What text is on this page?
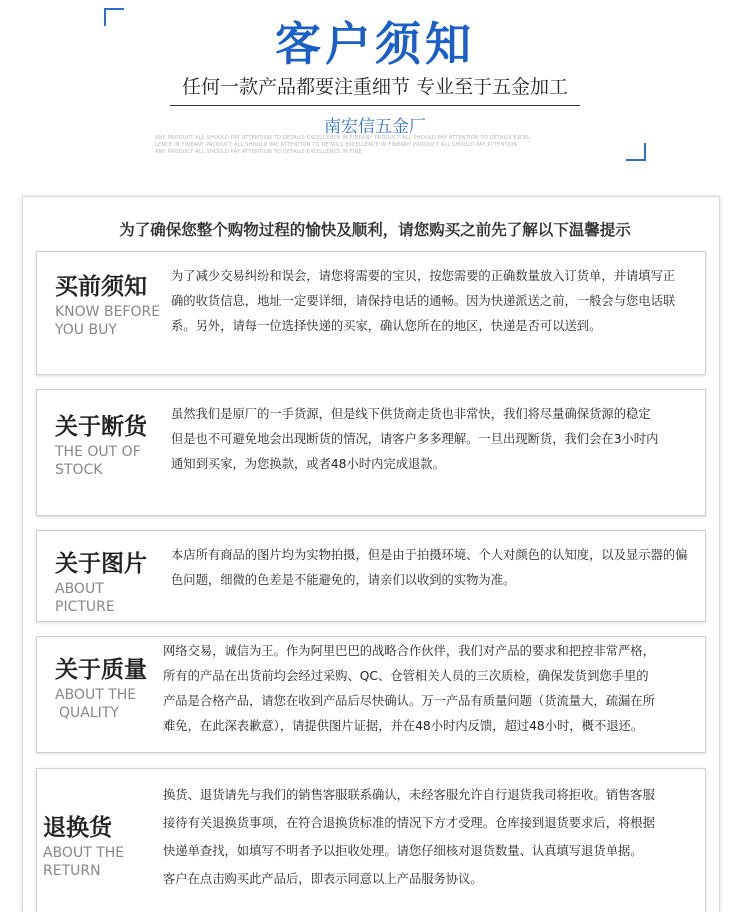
客户须知
任何一款产品都要注重细节 专业至于五金加工
南宏信五金厂
ANY PRODUCT ALL SHOULD PAY ATTENTION TO DETAILS EXCELLENCE IN FINEANY PRODUCT ALL SHOULD PAY ATTENTION TO DETAILS EXCEL
LENCE IN FINEANY PRODUCT ALL SHOULD PAY ATTENTION TO DETAILS EXCELLENCE IN FINEANY PRODUCT ALL SHOULD PAY ATTENTION
ANY PRODUCT ALL SHOULD PAY ATTENTION TO DETAILS EXCELLENCE IN FINE
为了确保您整个购物过程的愉快及顺利，请您购买之前先了解以下温馨提示
买前须知
KNOW BEFORE
YOU BUY
为了减少交易纠纷和误会，请您将需要的宝贝，按您需要的正确数量放入订货单，并请填写正
确的收货信息，地址一定要详细，请保持电话的通畅。因为快递派送之前，一般会与您电话联
系。另外，请每一位选择快递的买家，确认您所在的地区，快递是否可以送到。
关于断货
THE OUT OF
STOCK
虽然我们是原厂的一手货源，但是线下供货商走货也非常快，我们将尽量确保货源的稳定
但是也不可避免地会出现断货的情况，请客户多多理解。一旦出现断货，我们会在3小时内
通知到买家，为您换款，或者48小时内完成退款。
关于图片
ABOUT
PICTURE
本店所有商品的图片均为实物拍摄，但是由于拍摄环境、个人对颜色的认知度，以及显示器的偏
色问题，细微的色差是不能避免的，请亲们以收到的实物为准。
关于质量
ABOUT THE
QUALITY
网络交易，诚信为王。作为阿里巴巴的战略合作伙伴，我们对产品的要求和把控非常严格，
所有的产品在出货前均会经过采购、QC、仓管相关人员的三次质检，确保发货到您手里的
产品是合格产品，请您在收到产品后尽快确认。万一产品有质量问题（货流量大，疏漏在所
难免，在此深表歉意），请提供图片证据，并在48小时内反馈，超过48小时，概不退还。
退换货
ABOUT THE
RETURN
换货、退货请先与我们的销售客服联系确认，未经客服允许自行退货我司将拒收。销售客服
接待有关退换货事项，在符合退换货标准的情况下方才受理。仓库接到退货要求后，将根据
快递单查找，如填写不明者予以拒收处理。请您仔细核对退货数量、认真填写退货单据。
客户在点击购买此产品后，即表示同意以上产品服务协议。
